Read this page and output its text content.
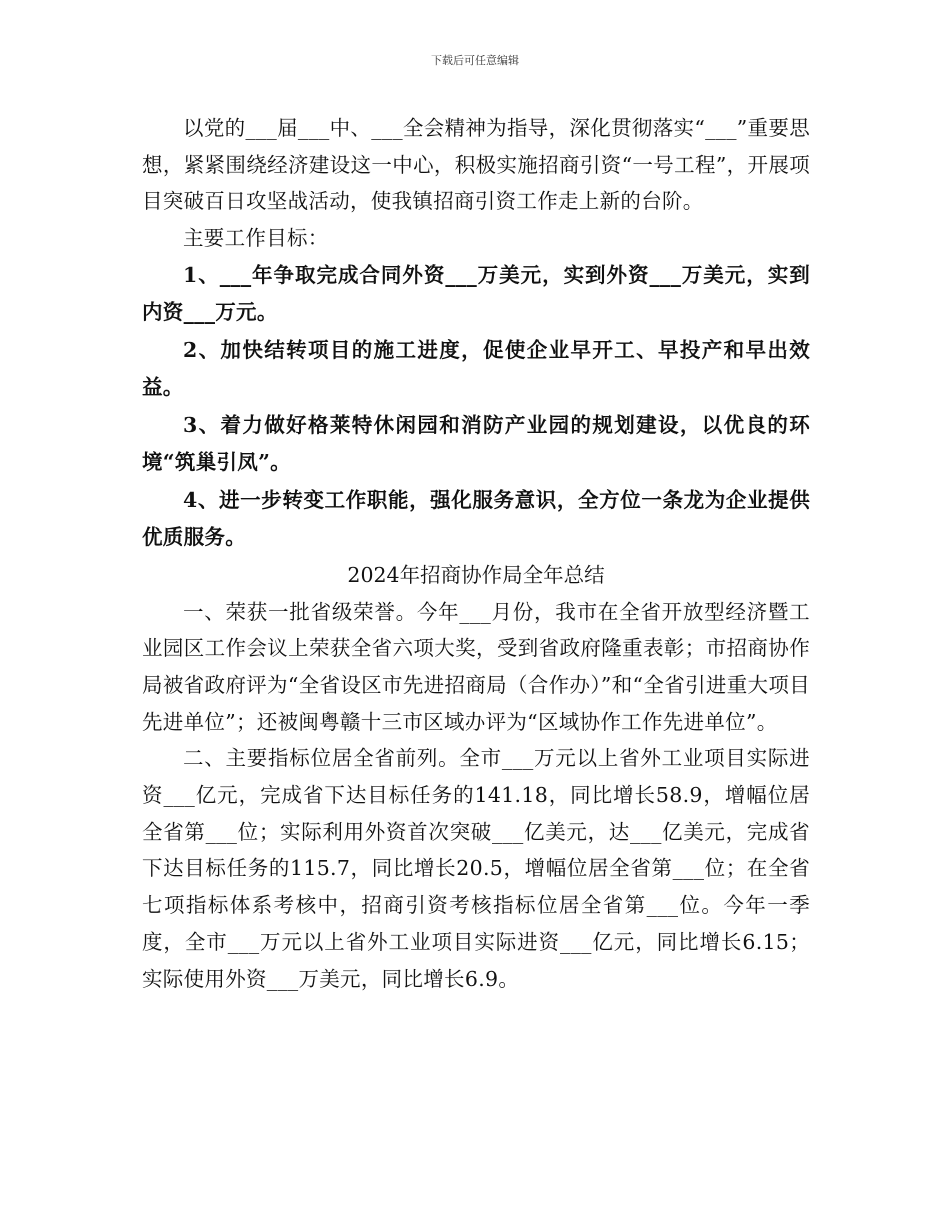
下载后可任意编辑

以党的___届___中、___全会精神为指导，深化贯彻落实“___”重要思想，紧紧围绕经济建设这一中心，积极实施招商引资“一号工程”，开展项目突破百日攻坚战活动，使我镇招商引资工作走上新的台阶。

主要工作目标：

1、___年争取完成合同外资___万美元，实到外资___万美元，实到内资___万元。

2、加快结转项目的施工进度，促使企业早开工、早投产和早出效益。

3、着力做好格莱特休闲园和消防产业园的规划建设，以优良的环境“筑巢引凤”。

4、进一步转变工作职能，强化服务意识，全方位一条龙为企业提供优质服务。

2024年招商协作局全年总结

一、荣获一批省级荣誉。今年___月份，我市在全省开放型经济暨工业园区工作会议上荣获全省六项大奖，受到省政府隆重表彰；市招商协作局被省政府评为“全省设区市先进招商局（合作办）”和“全省引进重大项目先进单位”；还被闽粤赣十三市区域办评为“区域协作工作先进单位”。

二、主要指标位居全省前列。全市___万元以上省外工业项目实际进资___亿元，完成省下达目标任务的141.18，同比增长58.9，增幅位居全省第___位；实际利用外资首次突破___亿美元，达___亿美元，完成省下达目标任务的115.7，同比增长20.5，增幅位居全省第___位；在全省七项指标体系考核中，招商引资考核指标位居全省第___位。今年一季度，全市___万元以上省外工业项目实际进资___亿元，同比增长6.15；实际使用外资___万美元，同比增长6.9。
